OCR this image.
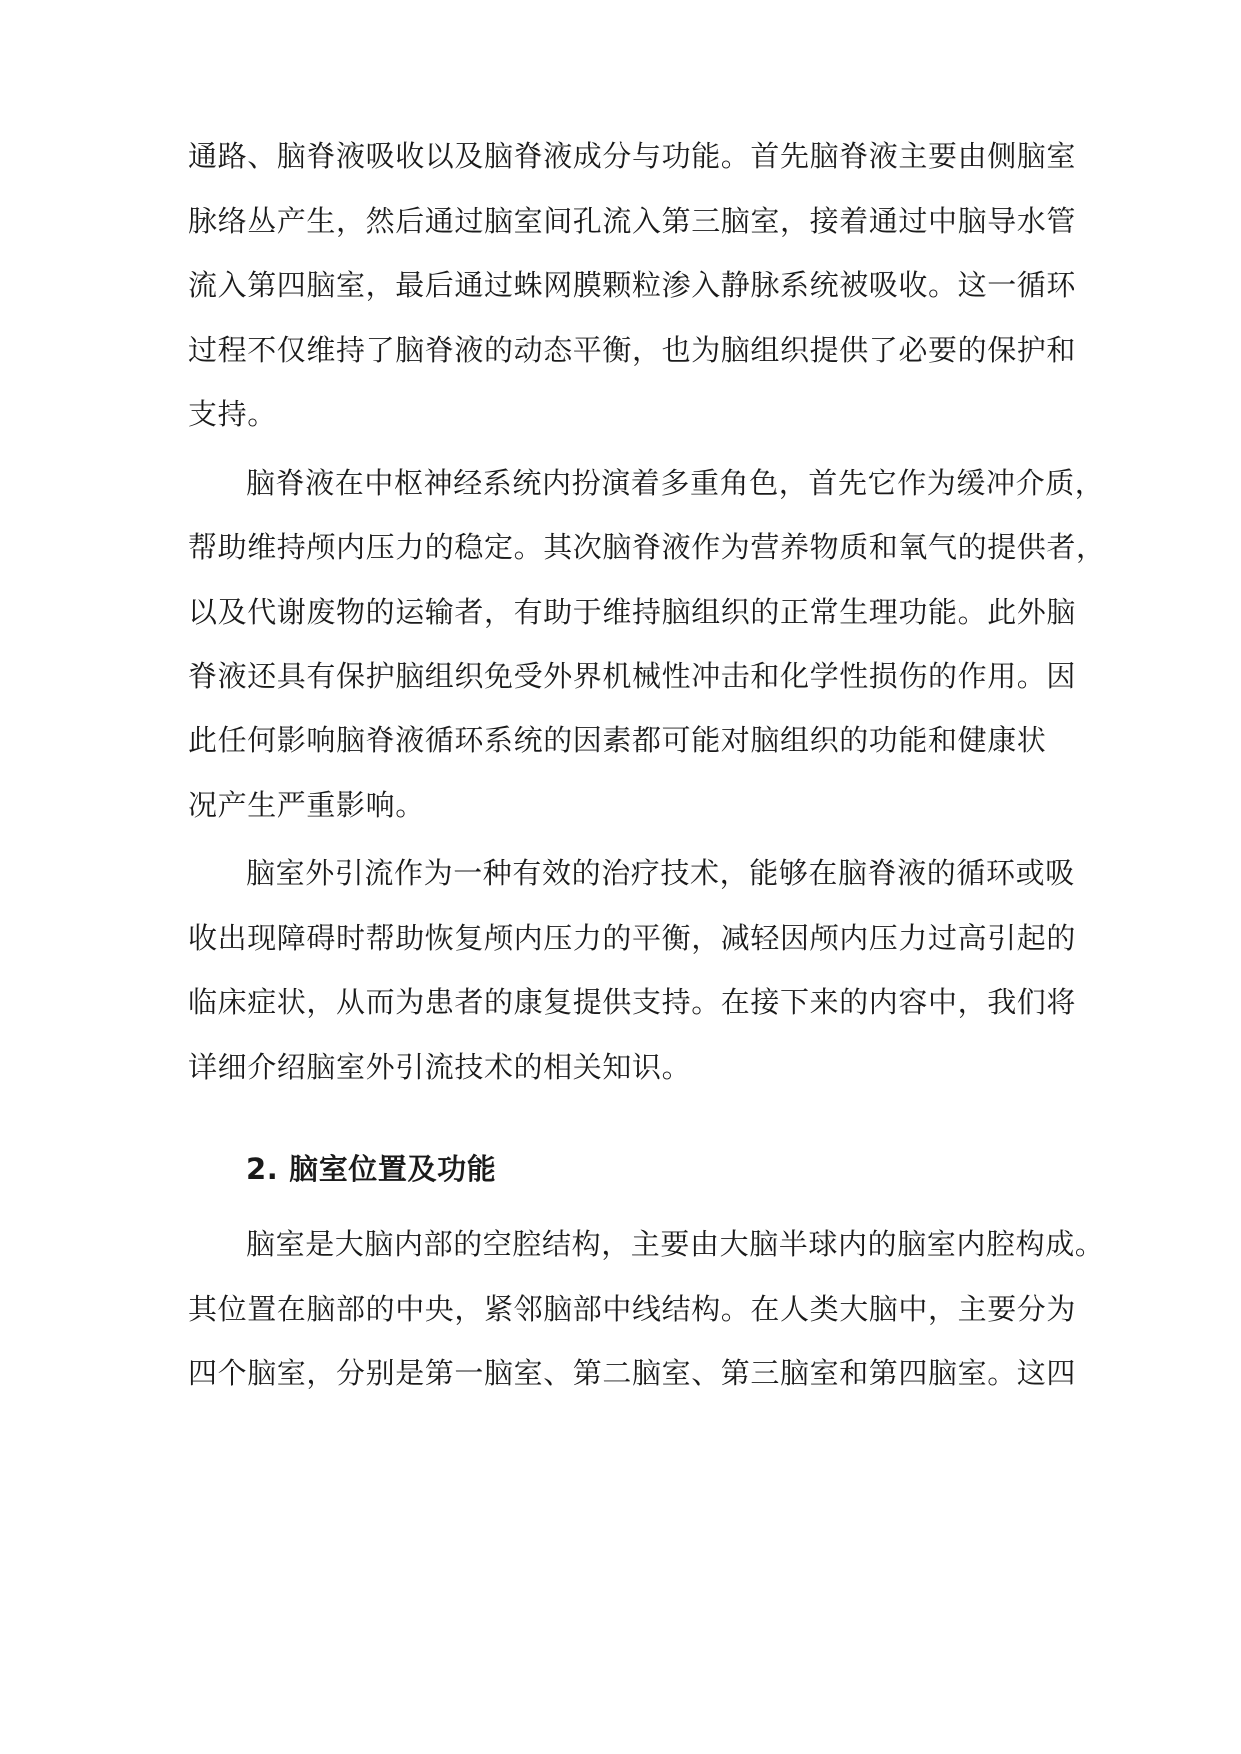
通路、脑脊液吸收以及脑脊液成分与功能。首先脑脊液主要由侧脑室
脉络丛产生，然后通过脑室间孔流入第三脑室，接着通过中脑导水管
流入第四脑室，最后通过蛛网膜颗粒渗入静脉系统被吸收。这一循环
过程不仅维持了脑脊液的动态平衡，也为脑组织提供了必要的保护和
支持。
脑脊液在中枢神经系统内扮演着多重角色，首先它作为缓冲介质，
帮助维持颅内压力的稳定。其次脑脊液作为营养物质和氧气的提供者，
以及代谢废物的运输者，有助于维持脑组织的正常生理功能。此外脑
脊液还具有保护脑组织免受外界机械性冲击和化学性损伤的作用。因
此任何影响脑脊液循环系统的因素都可能对脑组织的功能和健康状
况产生严重影响。
脑室外引流作为一种有效的治疗技术，能够在脑脊液的循环或吸
收出现障碍时帮助恢复颅内压力的平衡，减轻因颅内压力过高引起的
临床症状，从而为患者的康复提供支持。在接下来的内容中，我们将
详细介绍脑室外引流技术的相关知识。
2. 脑室位置及功能
脑室是大脑内部的空腔结构，主要由大脑半球内的脑室内腔构成。
其位置在脑部的中央，紧邻脑部中线结构。在人类大脑中，主要分为
四个脑室，分别是第一脑室、第二脑室、第三脑室和第四脑室。这四
